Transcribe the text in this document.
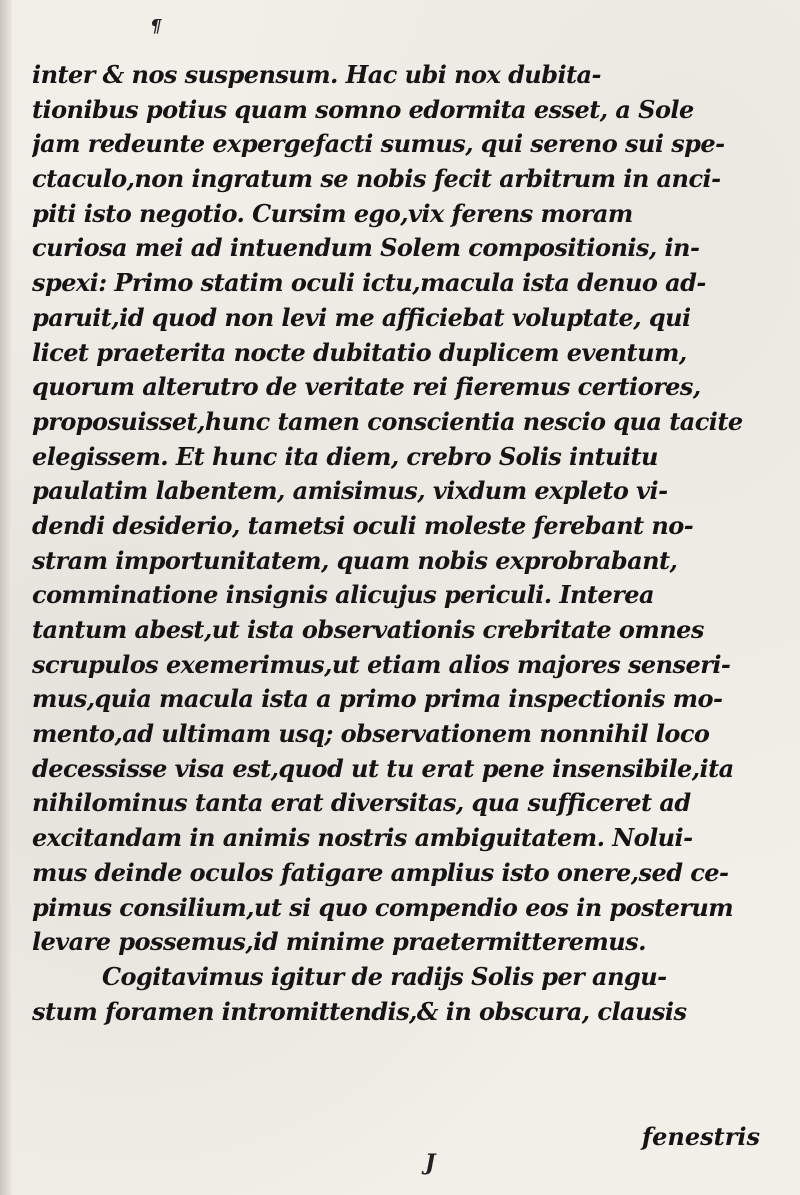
¶
inter & nos suspensum. Hac ubi nox dubita-
tionibus potius quam somno edormita esset, a Sole
jam redeunte expergefacti sumus, qui sereno sui spe-
ctaculo,non ingratum se nobis fecit arbitrum in anci-
piti isto negotio. Cursim ego,vix ferens moram
curiosa mei ad intuendum Solem compositionis, in-
spexi: Primo statim oculi ictu,macula ista denuo ad-
paruit,id quod non levi me afficiebat voluptate, qui
licet praeterita nocte dubitatio duplicem eventum,
quorum alterutro de veritate rei fieremus certiores,
proposuisset,hunc tamen conscientia nescio qua tacite
elegissem. Et hunc ita diem, crebro Solis intuitu
paulatim labentem, amisimus, vixdum expleto vi-
dendi desiderio, tametsi oculi moleste ferebant no-
stram importunitatem, quam nobis exprobrabant,
comminatione insignis alicujus periculi. Interea
tantum abest,ut ista observationis crebritate omnes
scrupulos exemerimus,ut etiam alios majores senseri-
mus,quia macula ista a primo prima inspectionis mo-
mento,ad ultimam usq; observationem nonnihil loco
decessisse visa est,quod ut tu erat pene insensibile,ita
nihilominus tanta erat diversitas, qua sufficeret ad
excitandam in animis nostris ambiguitatem. Nolui-
mus deinde oculos fatigare amplius isto onere,sed ce-
pimus consilium,ut si quo compendio eos in posterum
levare possemus,id minime praetermitteremus.
Cogitavimus igitur de radijs Solis per angu-
stum foramen intromittendis,& in obscura, clausis
fenestris
J
